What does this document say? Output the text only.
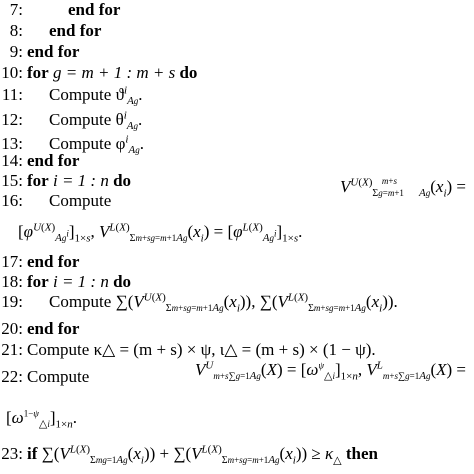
7:	end for
8: end for
9: end for
10: for g = m + 1 : m + s do
11: Compute $ϑ^i_{Ag}$.
12: Compute $\theta^i_{Ag}$.
13: Compute $\varphi^i_{Ag}$.
14: end for
15: for i = 1 : n do
16: Compute
$V^{U(X)}_{\Sigma g=m+1^{m+s}Ag}(x_i)$ =
$[\varphi^{U(X)}_{Ag^i}]_{1\times s}$, $V^{L(X)}_{\Sigma m+sg=m+1Ag}(x_i) = [\varphi^{L(X)}_{Ag^i}]_{1\times s}$.
17: end for
18: for i = 1 : n do
19: Compute $\sum(V^{U(X)}_{\Sigma m+sg=m+1Ag}(x_i))$, $\sum(V^{L(X)}_{\Sigma m+sg=m+1Ag}(x_i))$.
20: end for
21: Compute κ△ = (m + s) × ψ, ι△ = (m + s) × (1 − ψ).
22: Compute	$V^U_{m+s\sum g=1Ag}(X) = [\omega^\psi_{\triangle i}]_{1\times n}$, $V^L_{m+s\sum g=1Ag}(X)$ =
$[\omega^{1-\psi}_{\triangle i}]_{1\times n}$.
23: if $\sum(V^{L(X)}_{\Sigma mg=1Ag}(x_i)) + \sum(V^{L(X)}_{\Sigma m+sg=m+1Ag}(x_i)) \ge \kappa_\triangle$ then
